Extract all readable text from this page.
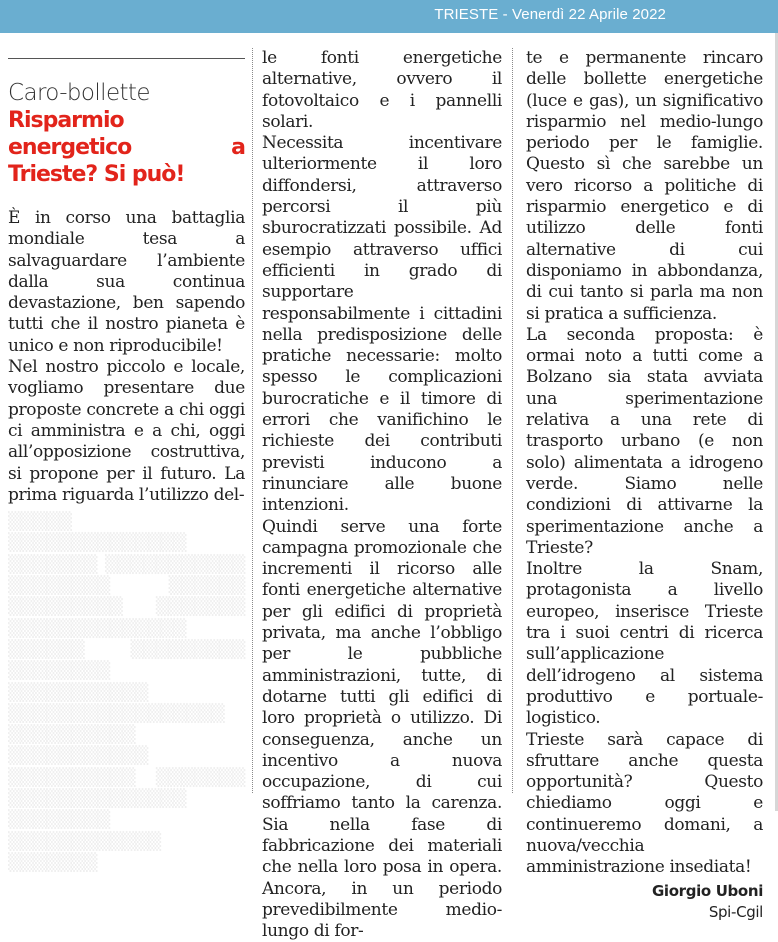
TRIESTE - Venerdì 22 Aprile 2022
Caro-bollette
Risparmio energetico a Trieste? Si può!

È in corso una battaglia mondiale tesa a salvaguardare l’ambiente dalla sua continua devastazione, ben sapendo tutti che il nostro pianeta è unico e non riproducibile!

Nel nostro piccolo e locale, vogliamo presentare due proposte concrete a chi oggi ci amministra e a chi, oggi all’opposizione costruttiva, si propone per il futuro. La prima riguarda l’utilizzo del-

▒▒▒▒▒ ▒▒▒▒▒▒▒▒▒▒▒▒▒▒ ▒▒▒▒▒▒▒ ▒▒▒▒▒▒▒▒▒▒▒ ▒▒▒▒▒▒▒▒ ▒▒▒▒▒▒ ▒▒▒▒▒▒▒▒▒ ▒▒▒▒▒▒▒ ▒▒▒▒▒▒▒▒▒▒▒▒▒▒ ▒▒▒▒▒▒ ▒▒▒▒▒▒▒▒▒ ▒▒▒▒▒▒▒▒ ▒▒▒▒▒▒▒▒▒▒▒ ▒▒▒▒▒▒▒▒▒▒▒▒▒▒▒▒▒ ▒▒▒▒▒▒▒▒▒▒ ▒▒▒▒▒▒▒▒▒▒▒ ▒▒▒▒▒▒▒▒▒▒ ▒▒▒▒▒▒▒ ▒▒▒▒▒▒▒▒▒▒▒▒▒▒ ▒▒▒▒▒▒▒▒ ▒▒▒▒▒▒▒▒▒▒▒▒ ▒▒▒▒▒▒▒

le fonti energetiche alternative, ovvero il fotovoltaico e i pannelli solari.

Necessita incentivare ulteriormente il loro diffondersi, attraverso percorsi il più sburocratizzati possibile. Ad esempio attraverso uffici efficienti in grado di supportare responsabilmente i cittadini nella predisposizione delle pratiche necessarie: molto spesso le complicazioni burocratiche e il timore di errori che vanifichino le richieste dei contributi previsti inducono a rinunciare alle buone intenzioni.

Quindi serve una forte campagna promozionale che incrementi il ricorso alle fonti energetiche alternative per gli edifici di proprietà privata, ma anche l’obbligo per le pubbliche amministrazioni, tutte, di dotarne tutti gli edifici di loro proprietà o utilizzo. Di conseguenza, anche un incentivo a nuova occupazione, di cui soffriamo tanto la carenza. Sia nella fase di fabbricazione dei materiali che nella loro posa in opera. Ancora, in un periodo prevedibilmente medio-lungo di for-

te e permanente rincaro delle bollette energetiche (luce e gas), un significativo risparmio nel medio-lungo periodo per le famiglie. Questo sì che sarebbe un vero ricorso a politiche di risparmio energetico e di utilizzo delle fonti alternative di cui disponiamo in abbondanza, di cui tanto si parla ma non si pratica a sufficienza.

La seconda proposta: è ormai noto a tutti come a Bolzano sia stata avviata una sperimentazione relativa a una rete di trasporto urbano (e non solo) alimentata a idrogeno verde. Siamo nelle condizioni di attivarne la sperimentazione anche a Trieste?

Inoltre la Snam, protagonista a livello europeo, inserisce Trieste tra i suoi centri di ricerca sull’applicazione dell’idrogeno al sistema produttivo e portuale-logistico.

Trieste sarà capace di sfruttare anche questa opportunità? Questo chiediamo oggi e continueremo domani, a nuova/vecchia amministrazione insediata!

Giorgio Uboni
Spi-Cgil
